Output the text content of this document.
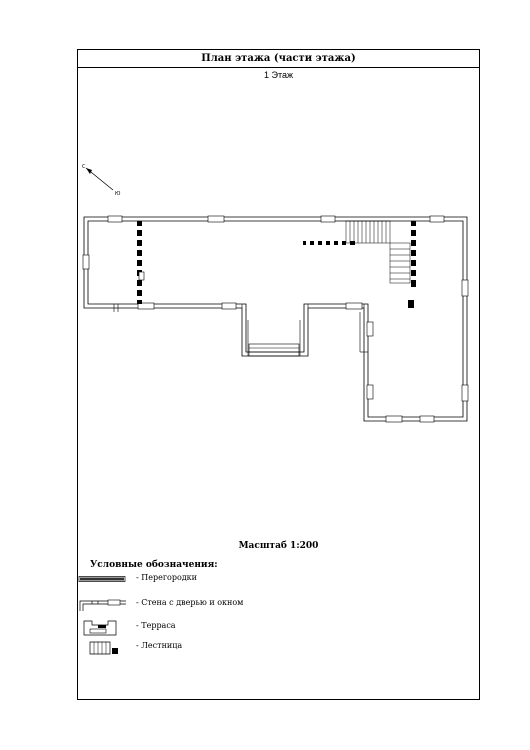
План этажа (части этажа)
1 Этаж
С
Ю
Масштаб 1:200
Условные обозначения:
- Перегородки
- Стена с дверью и окном
- Терраса
- Лестница
